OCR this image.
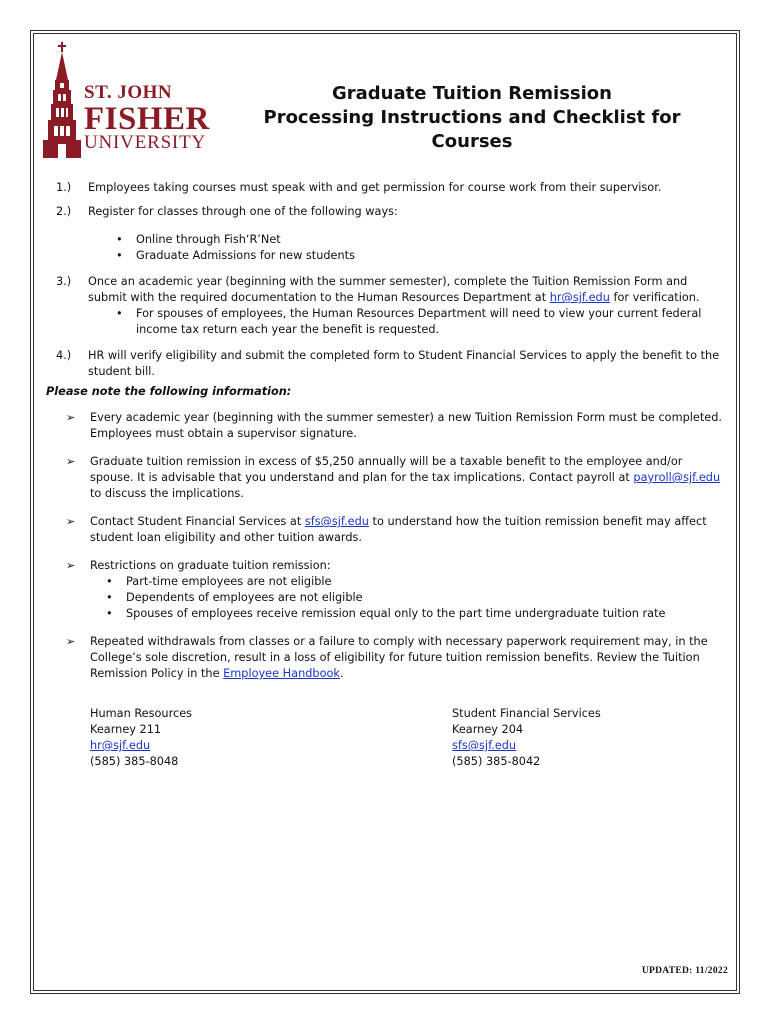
ST. JOHN
FISHER
UNIVERSITY
Graduate Tuition Remission
Processing Instructions and Checklist for Courses
1.) Employees taking courses must speak with and get permission for course work from their supervisor.
2.) Register for classes through one of the following ways:
• Online through Fish‘R’Net
• Graduate Admissions for new students
3.) Once an academic year (beginning with the summer semester), complete the Tuition Remission Form and submit with the required documentation to the Human Resources Department at hr@sjf.edu for verification.
• For spouses of employees, the Human Resources Department will need to view your current federal income tax return each year the benefit is requested.
4.) HR will verify eligibility and submit the completed form to Student Financial Services to apply the benefit to the student bill.
Please note the following information:
➢ Every academic year (beginning with the summer semester) a new Tuition Remission Form must be completed. Employees must obtain a supervisor signature.
➢ Graduate tuition remission in excess of $5,250 annually will be a taxable benefit to the employee and/or spouse. It is advisable that you understand and plan for the tax implications. Contact payroll at payroll@sjf.edu to discuss the implications.
➢ Contact Student Financial Services at sfs@sjf.edu to understand how the tuition remission benefit may affect student loan eligibility and other tuition awards.
➢ Restrictions on graduate tuition remission:
• Part-time employees are not eligible
• Dependents of employees are not eligible
• Spouses of employees receive remission equal only to the part time undergraduate tuition rate
➢ Repeated withdrawals from classes or a failure to comply with necessary paperwork requirement may, in the College’s sole discretion, result in a loss of eligibility for future tuition remission benefits. Review the Tuition Remission Policy in the Employee Handbook.
Human Resources
Kearney 211
hr@sjf.edu
(585) 385-8048
Student Financial Services
Kearney 204
sfs@sjf.edu
(585) 385-8042
UPDATED: 11/2022
